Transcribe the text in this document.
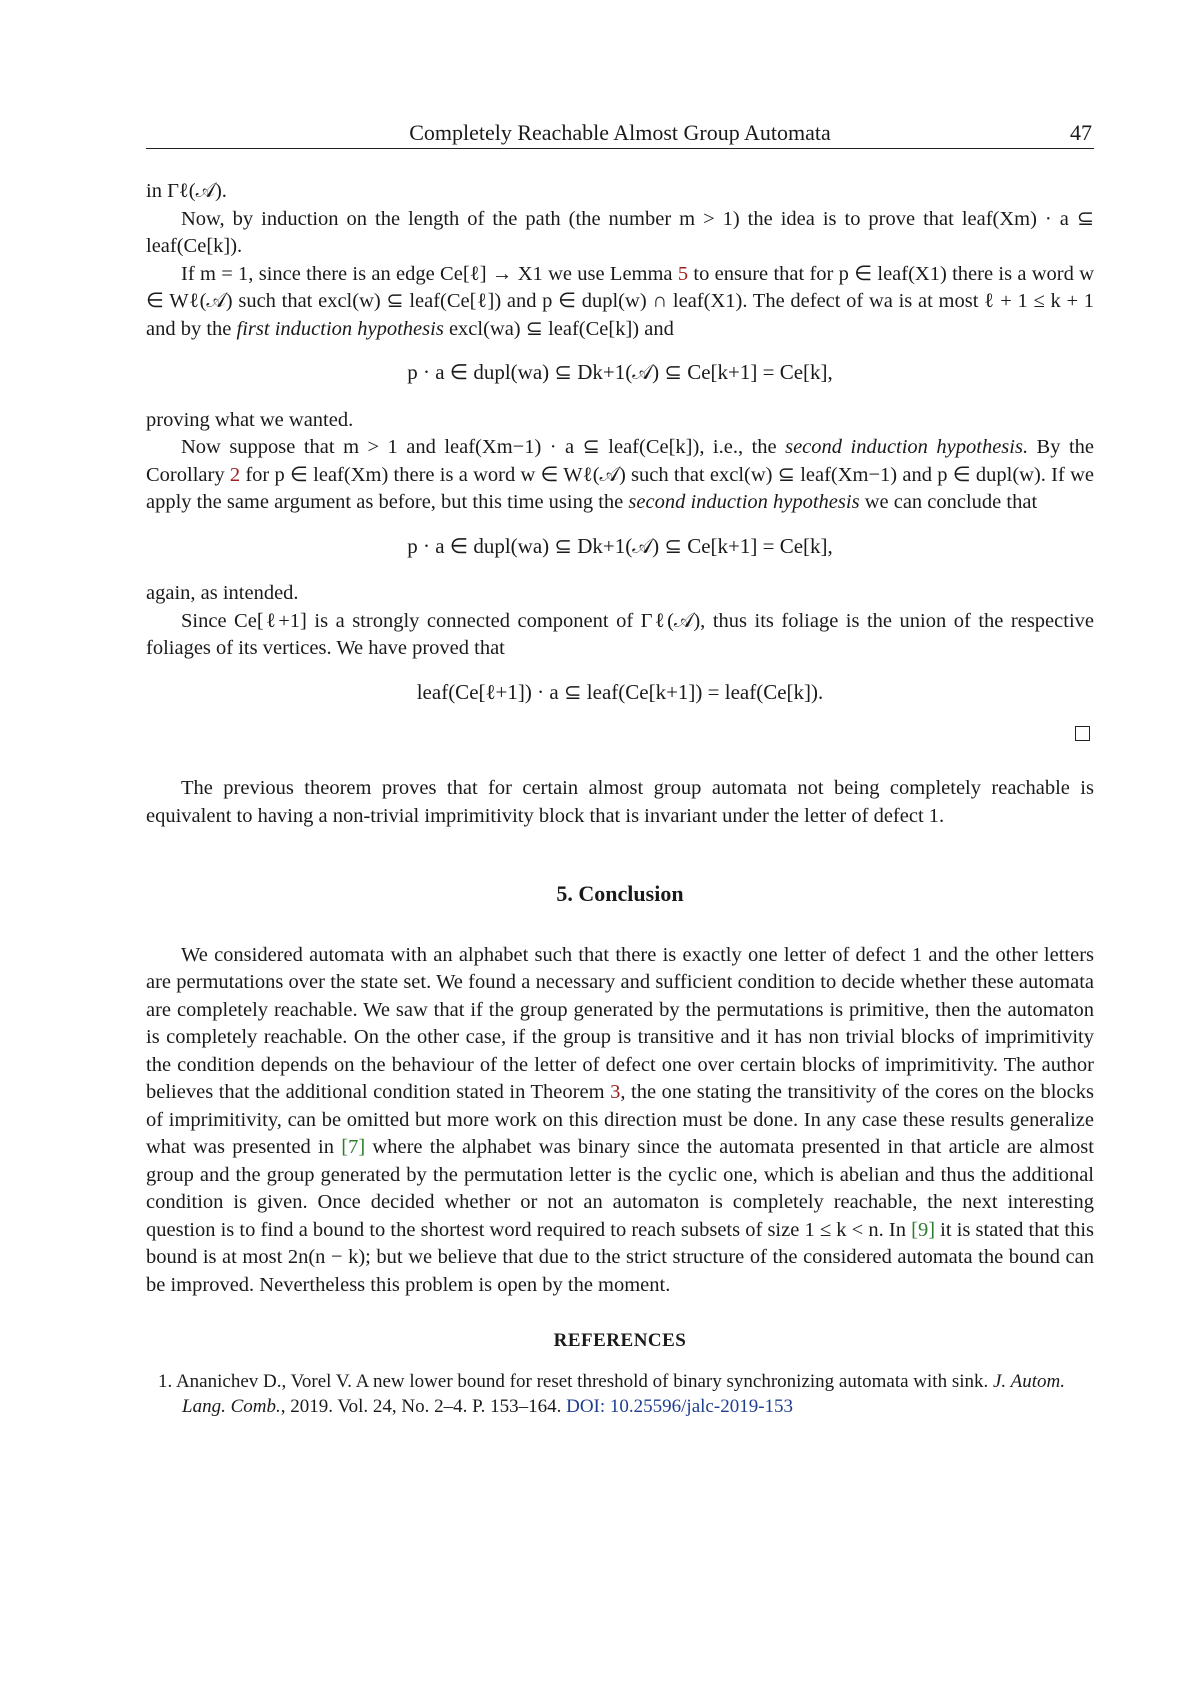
Completely Reachable Almost Group Automata	47

in Γℓ(𝒜).

Now, by induction on the length of the path (the number m > 1) the idea is to prove that leaf(Xm) · a ⊆ leaf(Ce[k]).

If m = 1, since there is an edge Ce[ℓ] → X1 we use Lemma 5 to ensure that for p ∈ leaf(X1) there is a word w ∈ Wℓ(𝒜) such that excl(w) ⊆ leaf(Ce[ℓ]) and p ∈ dupl(w) ∩ leaf(X1). The defect of wa is at most ℓ + 1 ≤ k + 1 and by the first induction hypothesis excl(wa) ⊆ leaf(Ce[k]) and

p · a ∈ dupl(wa) ⊆ Dk+1(𝒜) ⊆ Ce[k+1] = Ce[k],

proving what we wanted.

Now suppose that m > 1 and leaf(Xm−1) · a ⊆ leaf(Ce[k]), i.e., the second induction hypothesis. By the Corollary 2 for p ∈ leaf(Xm) there is a word w ∈ Wℓ(𝒜) such that excl(w) ⊆ leaf(Xm−1) and p ∈ dupl(w). If we apply the same argument as before, but this time using the second induction hypothesis we can conclude that

p · a ∈ dupl(wa) ⊆ Dk+1(𝒜) ⊆ Ce[k+1] = Ce[k],

again, as intended.

Since Ce[ℓ+1] is a strongly connected component of Γℓ(𝒜), thus its foliage is the union of the respective foliages of its vertices. We have proved that

leaf(Ce[ℓ+1]) · a ⊆ leaf(Ce[k+1]) = leaf(Ce[k]).

The previous theorem proves that for certain almost group automata not being completely reachable is equivalent to having a non-trivial imprimitivity block that is invariant under the letter of defect 1.

5. Conclusion

We considered automata with an alphabet such that there is exactly one letter of defect 1 and the other letters are permutations over the state set. We found a necessary and sufficient condition to decide whether these automata are completely reachable. We saw that if the group generated by the permutations is primitive, then the automaton is completely reachable. On the other case, if the group is transitive and it has non trivial blocks of imprimitivity the condition depends on the behaviour of the letter of defect one over certain blocks of imprimitivity. The author believes that the additional condition stated in Theorem 3, the one stating the transitivity of the cores on the blocks of imprimitivity, can be omitted but more work on this direction must be done. In any case these results generalize what was presented in [7] where the alphabet was binary since the automata presented in that article are almost group and the group generated by the permutation letter is the cyclic one, which is abelian and thus the additional condition is given. Once decided whether or not an automaton is completely reachable, the next interesting question is to find a bound to the shortest word required to reach subsets of size 1 ≤ k < n. In [9] it is stated that this bound is at most 2n(n − k); but we believe that due to the strict structure of the considered automata the bound can be improved. Nevertheless this problem is open by the moment.

REFERENCES

1. Ananichev D., Vorel V. A new lower bound for reset threshold of binary synchronizing automata with sink. J. Autom. Lang. Comb., 2019. Vol. 24, No. 2–4. P. 153–164. DOI: 10.25596/jalc-2019-153
